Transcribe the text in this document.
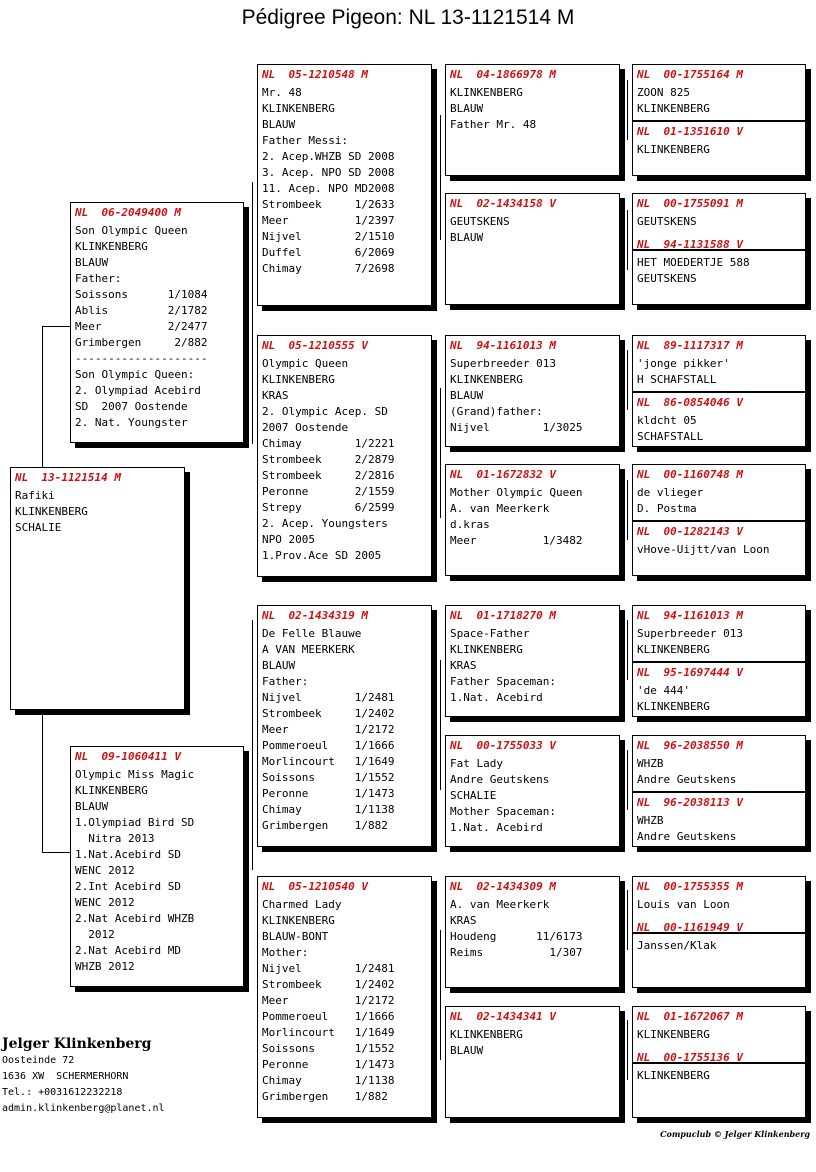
Pédigree Pigeon: NL 13-1121514 M
NL  13-1121514 M
Rafiki
KLINKENBERG
SCHALIE
NL  06-2049400 M
Son Olympic Queen
KLINKENBERG
BLAUW
Father:
Soissons      1/1084
Ablis         2/1782
Meer          2/2477
Grimbergen     2/882
--------------------
Son Olympic Queen:
2. Olympiad Acebird
SD  2007 Oostende
2. Nat. Youngster
NL  09-1060411 V
Olympic Miss Magic
KLINKENBERG
BLAUW
1.Olympiad Bird SD
Nitra 2013
1.Nat.Acebird SD
WENC 2012
2.Int Acebird SD
WENC 2012
2.Nat Acebird WHZB
2012
2.Nat Acebird MD
WHZB 2012
NL  05-1210548 M
Mr. 48
KLINKENBERG
BLAUW
Father Messi:
2. Acep.WHZB SD 2008
3. Acep. NPO SD 2008
11. Acep. NPO MD2008
Strombeek     1/2633
Meer          1/2397
Nijvel        2/1510
Duffel        6/2069
Chimay        7/2698
NL  05-1210555 V
Olympic Queen
KLINKENBERG
KRAS
2. Olympic Acep. SD
2007 Oostende
Chimay        1/2221
Strombeek     2/2879
Strombeek     2/2816
Peronne       2/1559
Strepy        6/2599
2. Acep. Youngsters
NPO 2005
1.Prov.Ace SD 2005
NL  02-1434319 M
De Felle Blauwe
A VAN MEERKERK
BLAUW
Father:
Nijvel        1/2481
Strombeek     1/2402
Meer          1/2172
Pommeroeul    1/1666
Morlincourt   1/1649
Soissons      1/1552
Peronne       1/1473
Chimay        1/1138
Grimbergen    1/882
NL  05-1210540 V
Charmed Lady
KLINKENBERG
BLAUW-BONT
Mother:
Nijvel        1/2481
Strombeek     1/2402
Meer          1/2172
Pommeroeul    1/1666
Morlincourt   1/1649
Soissons      1/1552
Peronne       1/1473
Chimay        1/1138
Grimbergen    1/882
NL  04-1866978 M
KLINKENBERG
BLAUW
Father Mr. 48
NL  02-1434158 V
GEUTSKENS
BLAUW
NL  94-1161013 M
Superbreeder 013
KLINKENBERG
BLAUW
(Grand)father:
Nijvel        1/3025
NL  01-1672832 V
Mother Olympic Queen
A. van Meerkerk
d.kras
Meer          1/3482
NL  01-1718270 M
Space-Father
KLINKENBERG
KRAS
Father Spaceman:
1.Nat. Acebird
NL  00-1755033 V
Fat Lady
Andre Geutskens
SCHALIE
Mother Spaceman:
1.Nat. Acebird
NL  02-1434309 M
A. van Meerkerk
KRAS
Houdeng      11/6173
Reims          1/307
NL  02-1434341 V
KLINKENBERG
BLAUW
NL  00-1755164 M
ZOON 825
KLINKENBERG
NL  01-1351610 V
KLINKENBERG
NL  00-1755091 M
GEUTSKENS
NL  94-1131588 V
HET MOEDERTJE 588
GEUTSKENS
NL  89-1117317 M
'jonge pikker'
H SCHAFSTALL
NL  86-0854046 V
kldcht 05
SCHAFSTALL
NL  00-1160748 M
de vlieger
D. Postma
NL  00-1282143 V
vHove-Uijtt/van Loon
NL  94-1161013 M
Superbreeder 013
KLINKENBERG
NL  95-1697444 V
'de 444'
KLINKENBERG
NL  96-2038550 M
WHZB
Andre Geutskens
NL  96-2038113 V
WHZB
Andre Geutskens
NL  00-1755355 M
Louis van Loon
NL  00-1161949 V
Janssen/Klak
NL  01-1672067 M
KLINKENBERG
NL  00-1755136 V
KLINKENBERG
Jelger Klinkenberg
Oosteinde 72
1636 XW  SCHERMERHORN
Tel.: +0031612232218
admin.klinkenberg@planet.nl
Compuclub © Jelger Klinkenberg
